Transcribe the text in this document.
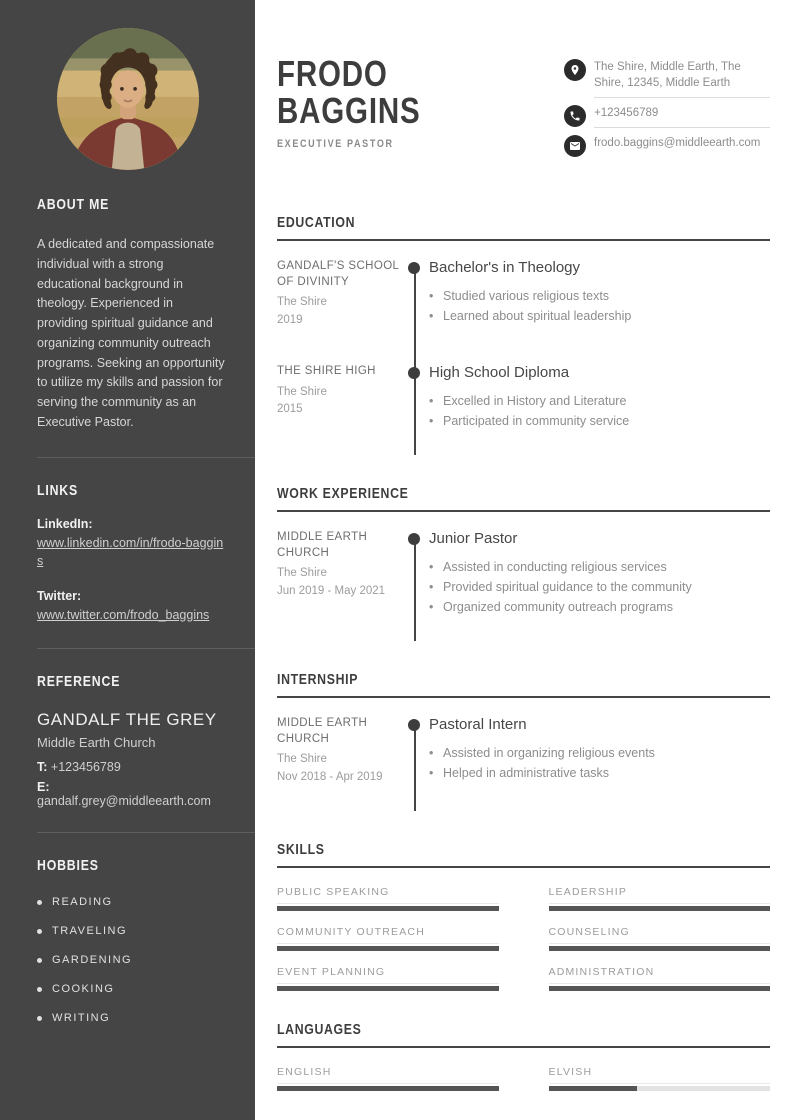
ABOUT ME

A dedicated and compassionate individual with a strong educational background in theology. Experienced in providing spiritual guidance and organizing community outreach programs. Seeking an opportunity to utilize my skills and passion for serving the community as an Executive Pastor.

LINKS
LinkedIn:
www.linkedin.com/in/frodo-baggins
Twitter:
www.twitter.com/frodo_baggins
REFERENCE
GANDALF THE GREY
Middle Earth Church
T: +123456789
E: gandalf.grey@middleearth.com
HOBBIES
READING
TRAVELING
GARDENING
COOKING
WRITING
FRODO
BAGGINS
EXECUTIVE PASTOR
The Shire, Middle Earth, The Shire, 12345, Middle Earth
+123456789
frodo.baggins@middleearth.com
EDUCATION
GANDALF'S SCHOOL OF DIVINITY
The Shire
2019
Bachelor's in Theology
• Studied various religious texts
• Learned about spiritual leadership
THE SHIRE HIGH
The Shire
2015
High School Diploma
• Excelled in History and Literature
• Participated in community service
WORK EXPERIENCE
MIDDLE EARTH CHURCH
The Shire
Jun 2019 - May 2021
Junior Pastor
• Assisted in conducting religious services
• Provided spiritual guidance to the community
• Organized community outreach programs
INTERNSHIP
MIDDLE EARTH CHURCH
The Shire
Nov 2018 - Apr 2019
Pastoral Intern
• Assisted in organizing religious events
• Helped in administrative tasks
SKILLS
PUBLIC SPEAKING	LEADERSHIP
COMMUNITY OUTREACH	COUNSELING
EVENT PLANNING	ADMINISTRATION
LANGUAGES
ENGLISH	ELVISH
